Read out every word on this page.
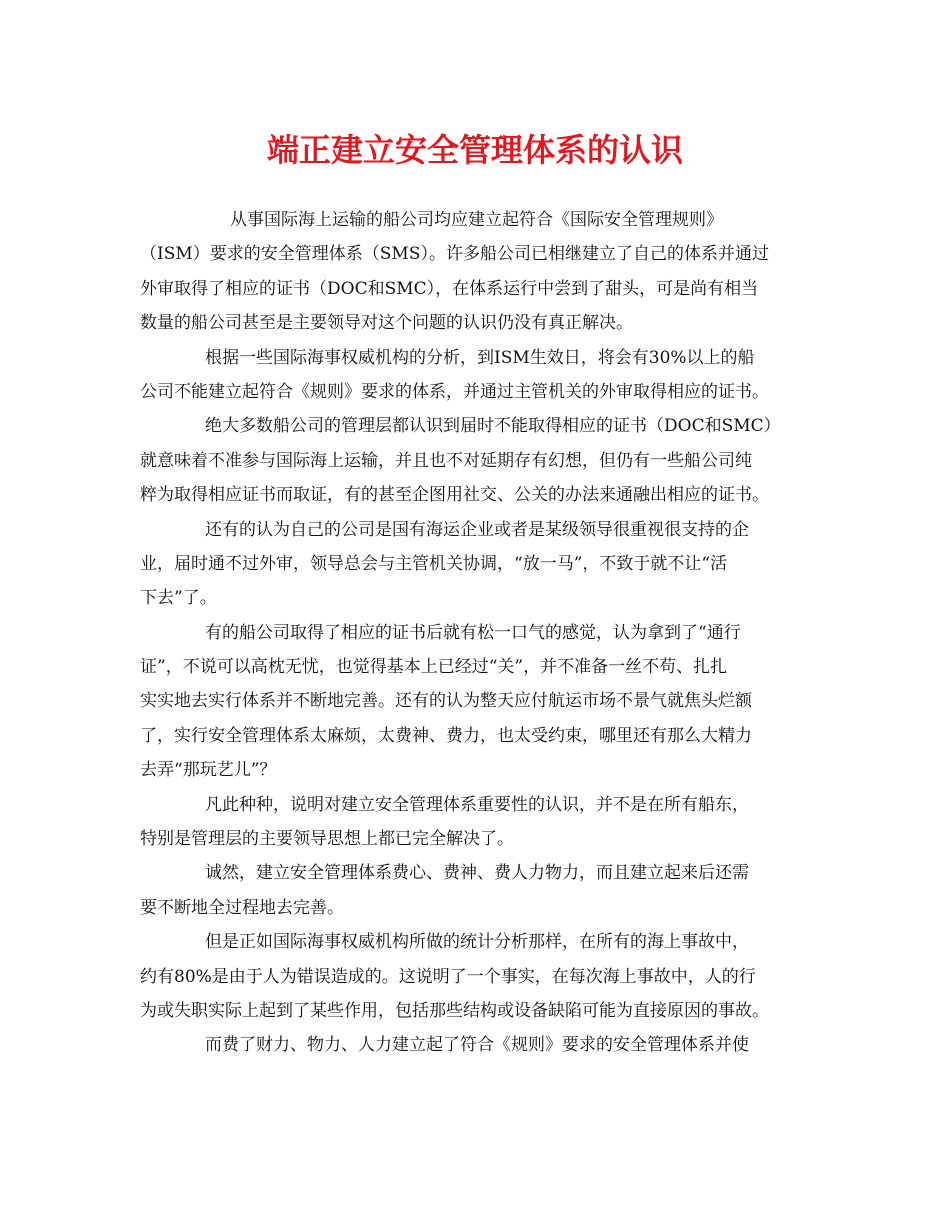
端正建立安全管理体系的认识
从事国际海上运输的船公司均应建立起符合《国际安全管理规则》
（ISM）要求的安全管理体系（SMS）。许多船公司已相继建立了自己的体系并通过
外审取得了相应的证书（DOC和SMC），在体系运行中尝到了甜头，可是尚有相当
数量的船公司甚至是主要领导对这个问题的认识仍没有真正解决。
根据一些国际海事权威机构的分析，到ISM生效日，将会有30%以上的船
公司不能建立起符合《规则》要求的体系，并通过主管机关的外审取得相应的证书。
绝大多数船公司的管理层都认识到届时不能取得相应的证书（DOC和SMC）
就意味着不准参与国际海上运输，并且也不对延期存有幻想，但仍有一些船公司纯
粹为取得相应证书而取证，有的甚至企图用社交、公关的办法来通融出相应的证书。
还有的认为自己的公司是国有海运企业或者是某级领导很重视很支持的企
业，届时通不过外审，领导总会与主管机关协调，“放一马”，不致于就不让“活
下去”了。
有的船公司取得了相应的证书后就有松一口气的感觉，认为拿到了“通行
证”，不说可以高枕无忧，也觉得基本上已经过“关”，并不准备一丝不苟、扎扎
实实地去实行体系并不断地完善。还有的认为整天应付航运市场不景气就焦头烂额
了，实行安全管理体系太麻烦，太费神、费力，也太受约束，哪里还有那么大精力
去弄“那玩艺儿”？
凡此种种，说明对建立安全管理体系重要性的认识，并不是在所有船东，
特别是管理层的主要领导思想上都已完全解决了。
诚然，建立安全管理体系费心、费神、费人力物力，而且建立起来后还需
要不断地全过程地去完善。
但是正如国际海事权威机构所做的统计分析那样，在所有的海上事故中，
约有80%是由于人为错误造成的。这说明了一个事实，在每次海上事故中，人的行
为或失职实际上起到了某些作用，包括那些结构或设备缺陷可能为直接原因的事故。
而费了财力、物力、人力建立起了符合《规则》要求的安全管理体系并使
